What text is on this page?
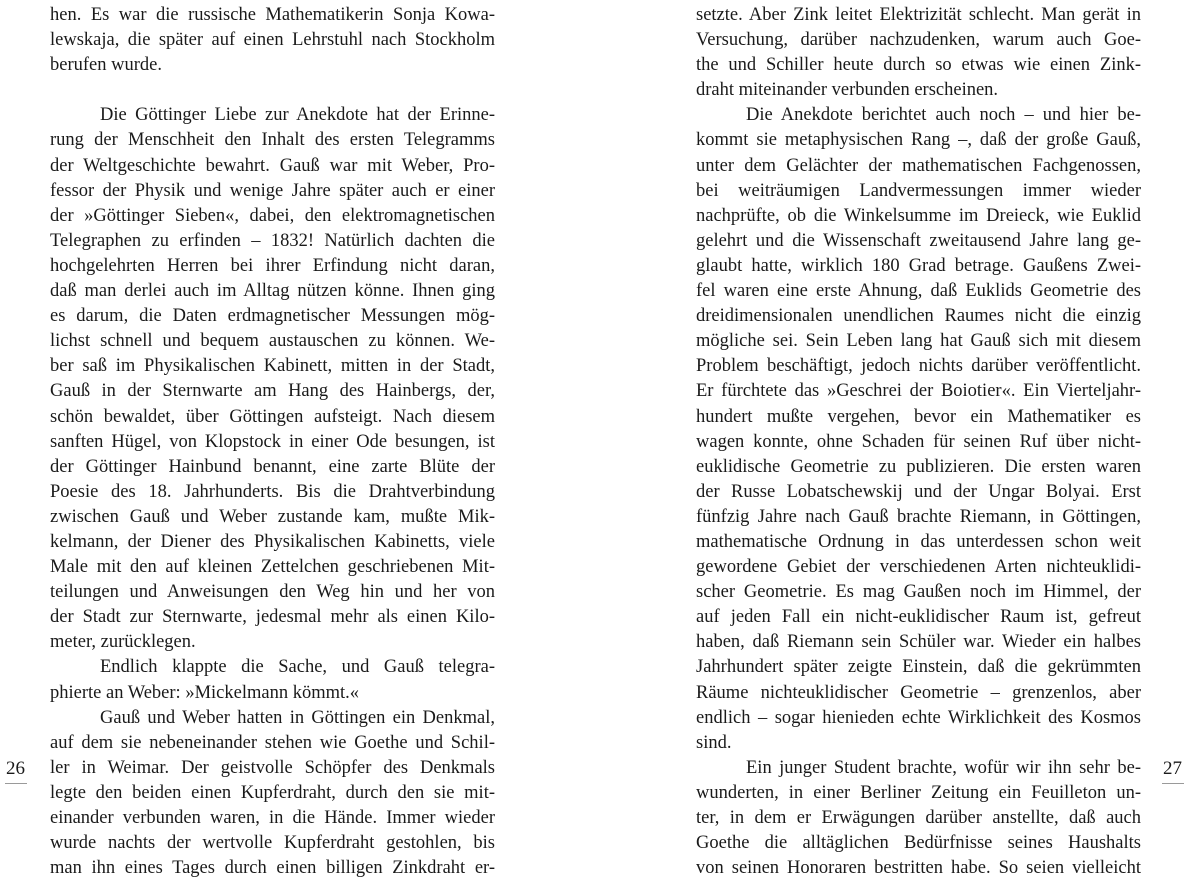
hen. Es war die russische Mathematikerin Sonja Kowa-
lewskaja, die später auf einen Lehrstuhl nach Stockholm
berufen wurde.
Die Göttinger Liebe zur Anekdote hat der Erinne-
rung der Menschheit den Inhalt des ersten Telegramms
der Weltgeschichte bewahrt. Gauß war mit Weber, Pro-
fessor der Physik und wenige Jahre später auch er einer
der »Göttinger Sieben«, dabei, den elektromagnetischen
Telegraphen zu erfinden – 1832! Natürlich dachten die
hochgelehrten Herren bei ihrer Erfindung nicht daran,
daß man derlei auch im Alltag nützen könne. Ihnen ging
es darum, die Daten erdmagnetischer Messungen mög-
lichst schnell und bequem austauschen zu können. We-
ber saß im Physikalischen Kabinett, mitten in der Stadt,
Gauß in der Sternwarte am Hang des Hainbergs, der,
schön bewaldet, über Göttingen aufsteigt. Nach diesem
sanften Hügel, von Klopstock in einer Ode besungen, ist
der Göttinger Hainbund benannt, eine zarte Blüte der
Poesie des 18. Jahrhunderts. Bis die Drahtverbindung
zwischen Gauß und Weber zustande kam, mußte Mik-
kelmann, der Diener des Physikalischen Kabinetts, viele
Male mit den auf kleinen Zettelchen geschriebenen Mit-
teilungen und Anweisungen den Weg hin und her von
der Stadt zur Sternwarte, jedesmal mehr als einen Kilo-
meter, zurücklegen.
Endlich klappte die Sache, und Gauß telegra-
phierte an Weber: »Mickelmann kömmt.«
Gauß und Weber hatten in Göttingen ein Denkmal,
auf dem sie nebeneinander stehen wie Goethe und Schil-
ler in Weimar. Der geistvolle Schöpfer des Denkmals
legte den beiden einen Kupferdraht, durch den sie mit-
einander verbunden waren, in die Hände. Immer wieder
wurde nachts der wertvolle Kupferdraht gestohlen, bis
man ihn eines Tages durch einen billigen Zinkdraht er-
setzte. Aber Zink leitet Elektrizität schlecht. Man gerät in
Versuchung, darüber nachzudenken, warum auch Goe-
the und Schiller heute durch so etwas wie einen Zink-
draht miteinander verbunden erscheinen.
Die Anekdote berichtet auch noch – und hier be-
kommt sie metaphysischen Rang –, daß der große Gauß,
unter dem Gelächter der mathematischen Fachgenossen,
bei weiträumigen Landvermessungen immer wieder
nachprüfte, ob die Winkelsumme im Dreieck, wie Euklid
gelehrt und die Wissenschaft zweitausend Jahre lang ge-
glaubt hatte, wirklich 180 Grad betrage. Gaußens Zwei-
fel waren eine erste Ahnung, daß Euklids Geometrie des
dreidimensionalen unendlichen Raumes nicht die einzig
mögliche sei. Sein Leben lang hat Gauß sich mit diesem
Problem beschäftigt, jedoch nichts darüber veröffentlicht.
Er fürchtete das »Geschrei der Boiotier«. Ein Vierteljahr-
hundert mußte vergehen, bevor ein Mathematiker es
wagen konnte, ohne Schaden für seinen Ruf über nicht-
euklidische Geometrie zu publizieren. Die ersten waren
der Russe Lobatschewskij und der Ungar Bolyai. Erst
fünfzig Jahre nach Gauß brachte Riemann, in Göttingen,
mathematische Ordnung in das unterdessen schon weit
gewordene Gebiet der verschiedenen Arten nichteuklidi-
scher Geometrie. Es mag Gaußen noch im Himmel, der
auf jeden Fall ein nicht-euklidischer Raum ist, gefreut
haben, daß Riemann sein Schüler war. Wieder ein halbes
Jahrhundert später zeigte Einstein, daß die gekrümmten
Räume nichteuklidischer Geometrie – grenzenlos, aber
endlich – sogar hienieden echte Wirklichkeit des Kosmos
sind.
Ein junger Student brachte, wofür wir ihn sehr be-
wunderten, in einer Berliner Zeitung ein Feuilleton un-
ter, in dem er Erwägungen darüber anstellte, daß auch
Goethe die alltäglichen Bedürfnisse seines Haushalts
von seinen Honoraren bestritten habe. So seien vielleicht
26	27
